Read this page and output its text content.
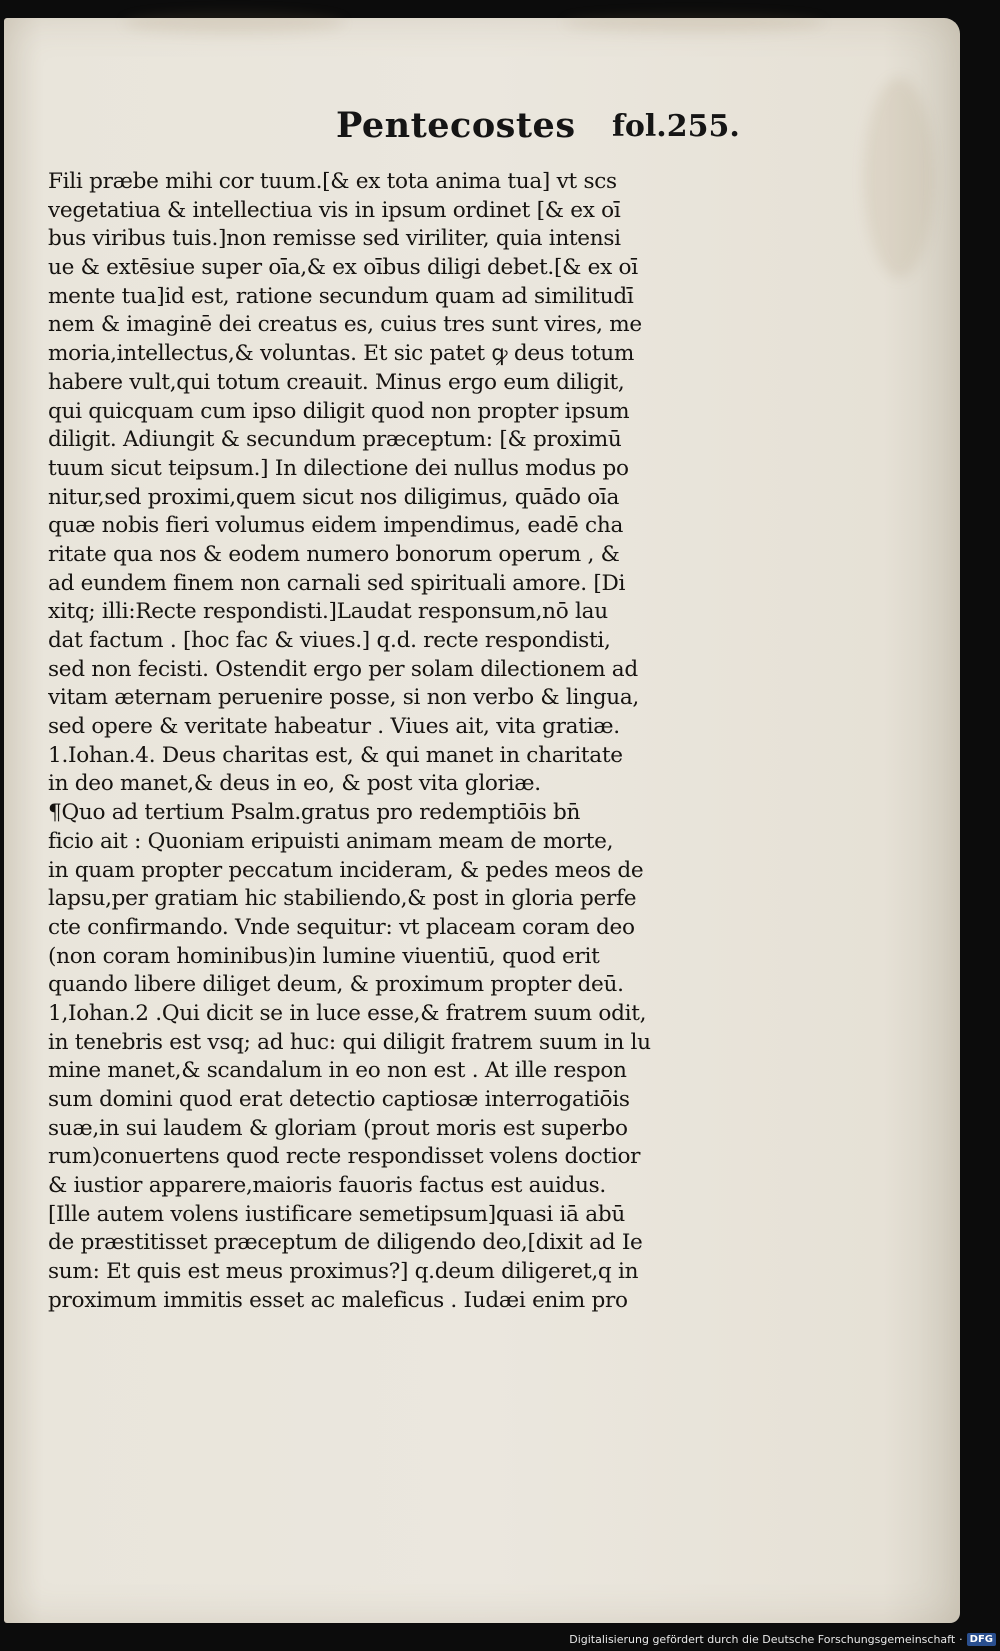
Pentecostes fol.255.
Fili præbe mihi cor tuum.[& ex tota anima tua] vt scs
vegetatiua & intellectiua vis in ipsum ordinet [& ex oī
bus viribus tuis.]non remisse sed viriliter, quia intensi
ue & extēsiue super oīa,& ex oībus diligi debet.[& ex oī
mente tua]id est, ratione secundum quam ad similitudī
nem & imaginē dei creatus es, cuius tres sunt vires, me
moria,intellectus,& voluntas. Et sic patet ꝙ deus totum
habere vult,qui totum creauit. Minus ergo eum diligit,
qui quicquam cum ipso diligit quod non propter ipsum
diligit. Adiungit & secundum præceptum: [& proximū
tuum sicut teipsum.] In dilectione dei nullus modus po
nitur,sed proximi,quem sicut nos diligimus, quādo oīa
quæ nobis fieri volumus eidem impendimus, eadē cha
ritate qua nos & eodem numero bonorum operum , &
ad eundem finem non carnali sed spirituali amore. [Di
xitq; illi:Recte respondisti.]Laudat responsum,nō lau
dat factum . [hoc fac & viues.] q.d. recte respondisti,
sed non fecisti. Ostendit ergo per solam dilectionem ad
vitam æternam peruenire posse, si non verbo & lingua,
sed opere & veritate habeatur . Viues ait, vita gratiæ.
1.Iohan.4. Deus charitas est, & qui manet in charitate
in deo manet,& deus in eo, & post vita gloriæ.
¶Quo ad tertium Psalm.gratus pro redemptiōis bn̄
ficio ait : Quoniam eripuisti animam meam de morte,
in quam propter peccatum incideram, & pedes meos de
lapsu,per gratiam hic stabiliendo,& post in gloria perfe
cte confirmando. Vnde sequitur: vt placeam coram deo
(non coram hominibus)in lumine viuentiū, quod erit
quando libere diliget deum, & proximum propter deū.
1,Iohan.2 .Qui dicit se in luce esse,& fratrem suum odit,
in tenebris est vsq; ad huc: qui diligit fratrem suum in lu
mine manet,& scandalum in eo non est . At ille respon
sum domini quod erat detectio captiosæ interrogatiōis
suæ,in sui laudem & gloriam (prout moris est superbo
rum)conuertens quod recte respondisset volens doctior
& iustior apparere,maioris fauoris factus est auidus.
[Ille autem volens iustificare semetipsum]quasi iā abū
de præstitisset præceptum de diligendo deo,[dixit ad Ie
sum: Et quis est meus proximus?] q.deum diligeret,q in
proximum immitis esset ac maleficus . Iudæi enim pro
Digitalisierung gefördert durch die Deutsche Forschungsgemeinschaft · DFG
